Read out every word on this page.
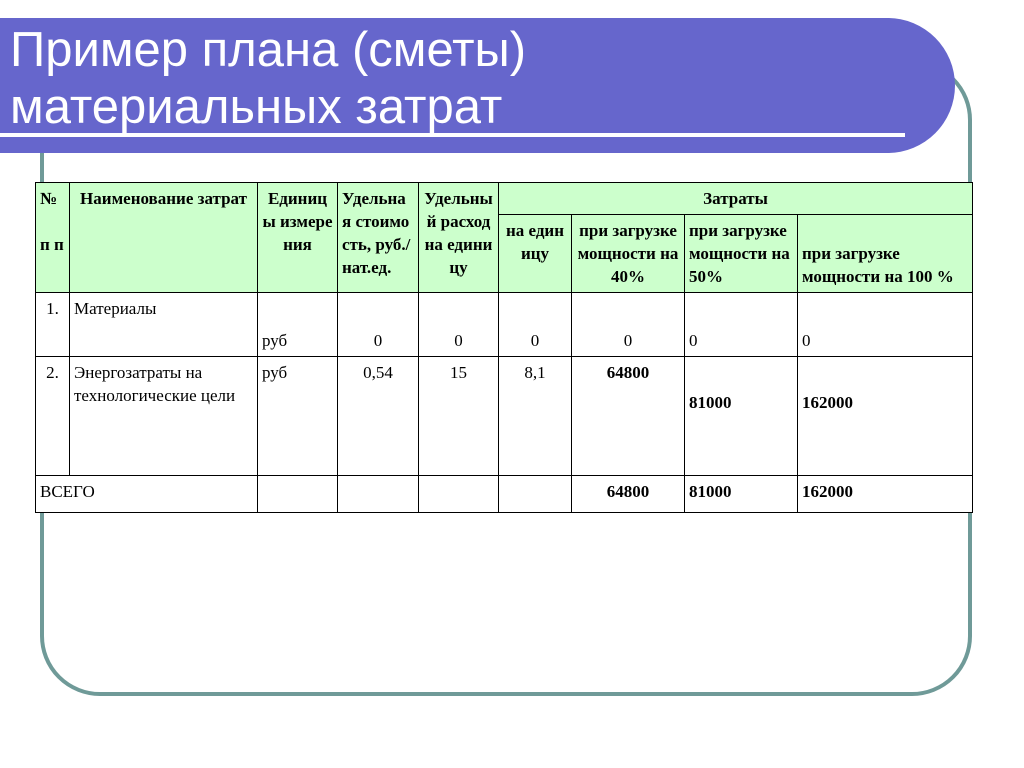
Пример плана (сметы)
материальных затрат
№

п п	Наименование затрат	Единицы измерения	Удельная стоимость, руб./нат.ед.	Удельный расход на единицу	Затраты			
					на единицу	при загрузке мощности на 40%	при загрузке мощности на 50%	при загрузке мощности на 100 %
1.	Материалы	руб	0	0	0	0	0	0
2.	Энергозатраты на технологические цели	руб	0,54	15	8,1	64800	81000	162000
ВСЕГО						64800	81000	162000
